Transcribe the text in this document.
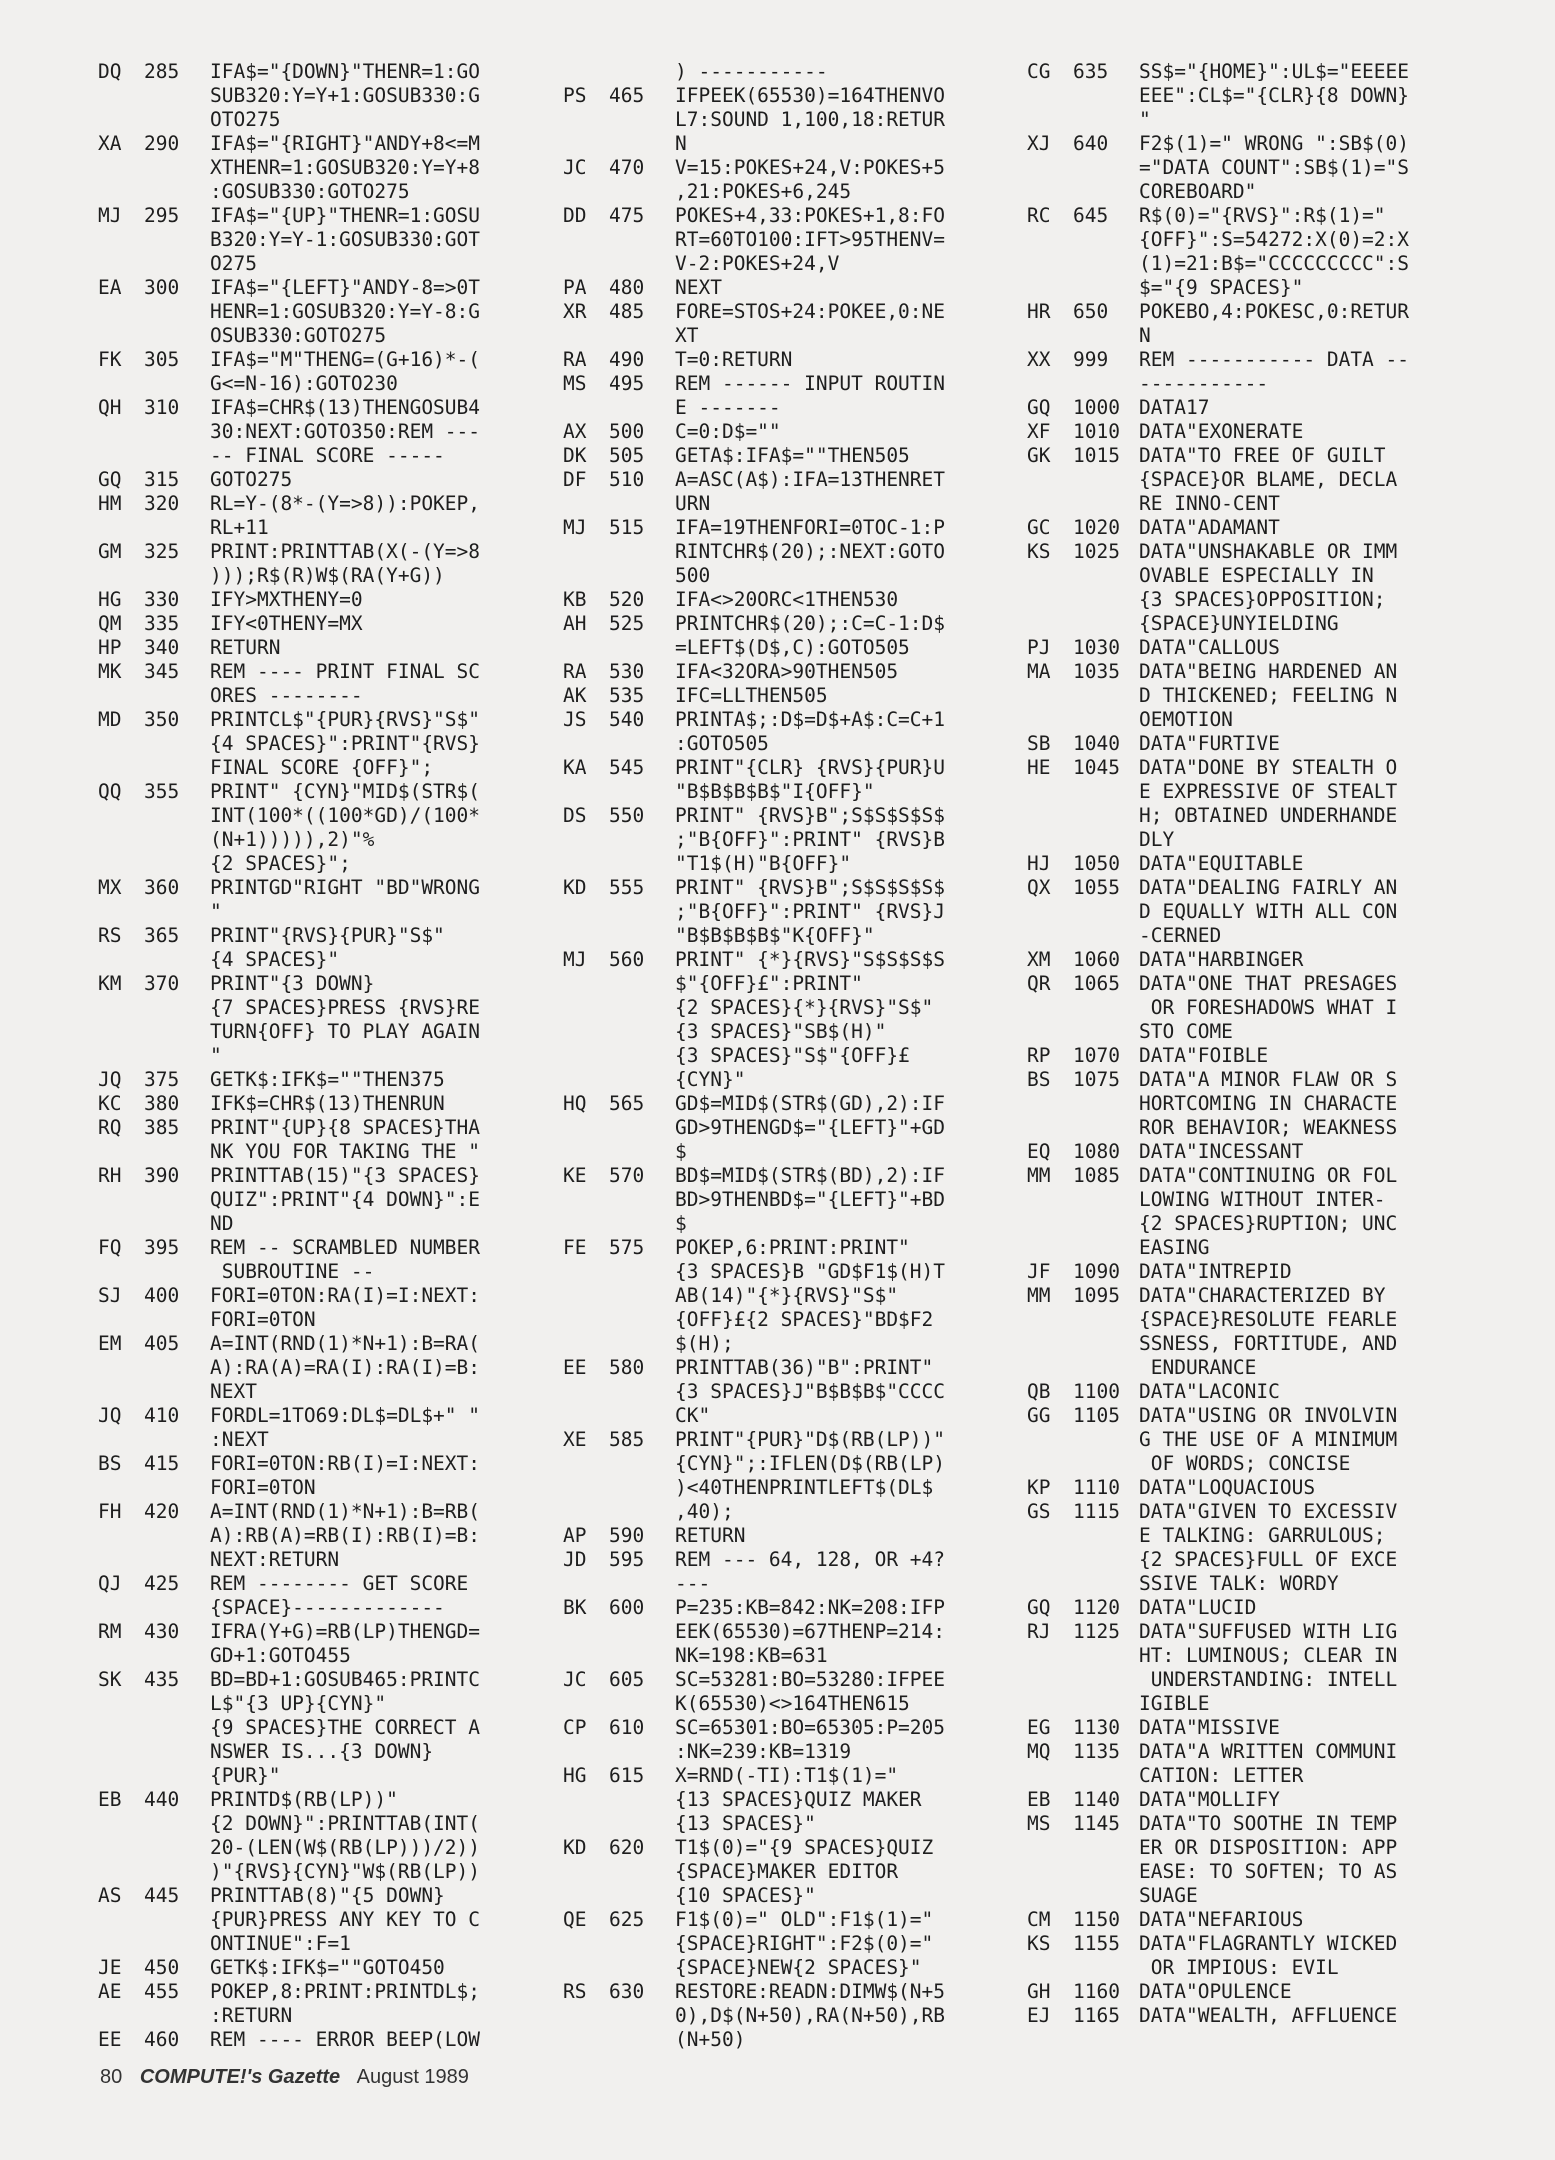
DQ	285	IFA$="{DOWN}"THENR=1:GO
SUB320:Y=Y+1:GOSUB330:G
OTO275
XA	290	IFA$="{RIGHT}"ANDY+8<=M
XTHENR=1:GOSUB320:Y=Y+8
:GOSUB330:GOTO275
MJ	295	IFA$="{UP}"THENR=1:GOSU
B320:Y=Y-1:GOSUB330:GOT
O275
EA	300	IFA$="{LEFT}"ANDY-8=>0T
HENR=1:GOSUB320:Y=Y-8:G
OSUB330:GOTO275
FK	305	IFA$="M"THENG=(G+16)*-(
G<=N-16):GOTO230
QH	310	IFA$=CHR$(13)THENGOSUB4
30:NEXT:GOTO350:REM ---
-- FINAL SCORE -----
GQ	315	GOTO275
HM	320	RL=Y-(8*-(Y=>8)):POKEP,
RL+11
GM	325	PRINT:PRINTTAB(X(-(Y=>8
)));R$(R)W$(RA(Y+G))
HG	330	IFY>MXTHENY=0
QM	335	IFY<0THENY=MX
HP	340	RETURN
MK	345	REM ---- PRINT FINAL SC
ORES --------
MD	350	PRINTCL$"{PUR}{RVS}"S$"
{4 SPACES}":PRINT"{RVS}
FINAL SCORE {OFF}";
QQ	355	PRINT" {CYN}"MID$(STR$(
INT(100*((100*GD)/(100*
(N+1))))),2)"%
{2 SPACES}";
MX	360	PRINTGD"RIGHT "BD"WRONG
"
RS	365	PRINT"{RVS}{PUR}"S$"
{4 SPACES}"
KM	370	PRINT"{3 DOWN}
{7 SPACES}PRESS {RVS}RE
TURN{OFF} TO PLAY AGAIN
"
JQ	375	GETK$:IFK$=""THEN375
KC	380	IFK$=CHR$(13)THENRUN
RQ	385	PRINT"{UP}{8 SPACES}THA
NK YOU FOR TAKING THE "
RH	390	PRINTTAB(15)"{3 SPACES}
QUIZ":PRINT"{4 DOWN}":E
ND
FQ	395	REM -- SCRAMBLED NUMBER
SUBROUTINE --
SJ	400	FORI=0TON:RA(I)=I:NEXT:
FORI=0TON
EM	405	A=INT(RND(1)*N+1):B=RA(
A):RA(A)=RA(I):RA(I)=B:
NEXT
JQ	410	FORDL=1TO69:DL$=DL$+" "
:NEXT
BS	415	FORI=0TON:RB(I)=I:NEXT:
FORI=0TON
FH	420	A=INT(RND(1)*N+1):B=RB(
A):RB(A)=RB(I):RB(I)=B:
NEXT:RETURN
QJ	425	REM -------- GET SCORE
{SPACE}-------------
RM	430	IFRA(Y+G)=RB(LP)THENGD=
GD+1:GOTO455
SK	435	BD=BD+1:GOSUB465:PRINTC
L$"{3 UP}{CYN}"
{9 SPACES}THE CORRECT A
NSWER IS...{3 DOWN}
{PUR}"
EB	440	PRINTD$(RB(LP))"
{2 DOWN}":PRINTTAB(INT(
20-(LEN(W$(RB(LP)))/2))
)"{RVS}{CYN}"W$(RB(LP))
AS	445	PRINTTAB(8)"{5 DOWN}
{PUR}PRESS ANY KEY TO C
ONTINUE":F=1
JE	450	GETK$:IFK$=""GOTO450
AE	455	POKEP,8:PRINT:PRINTDL$;
:RETURN
EE	460	REM ---- ERROR BEEP(LOW
) -----------
PS	465	IFPEEK(65530)=164THENVO
L7:SOUND 1,100,18:RETUR
N
JC	470	V=15:POKES+24,V:POKES+5
,21:POKES+6,245
DD	475	POKES+4,33:POKES+1,8:FO
RT=60TO100:IFT>95THENV=
V-2:POKES+24,V
PA	480	NEXT
XR	485	FORE=STOS+24:POKEE,0:NE
XT
RA	490	T=0:RETURN
MS	495	REM ------ INPUT ROUTIN
E -------
AX	500	C=0:D$=""
DK	505	GETA$:IFA$=""THEN505
DF	510	A=ASC(A$):IFA=13THENRET
URN
MJ	515	IFA=19THENFORI=0TOC-1:P
RINTCHR$(20);:NEXT:GOTO
500
KB	520	IFA<>20ORC<1THEN530
AH	525	PRINTCHR$(20);:C=C-1:D$
=LEFT$(D$,C):GOTO505
RA	530	IFA<32ORA>90THEN505
AK	535	IFC=LLTHEN505
JS	540	PRINTA$;:D$=D$+A$:C=C+1
:GOTO505
KA	545	PRINT"{CLR} {RVS}{PUR}U
"B$B$B$B$"I{OFF}"
DS	550	PRINT" {RVS}B";S$S$S$S$
;"B{OFF}":PRINT" {RVS}B
"T1$(H)"B{OFF}"
KD	555	PRINT" {RVS}B";S$S$S$S$
;"B{OFF}":PRINT" {RVS}J
"B$B$B$B$"K{OFF}"
MJ	560	PRINT" {*}{RVS}"S$S$S$S
$"{OFF}£":PRINT"
{2 SPACES}{*}{RVS}"S$"
{3 SPACES}"SB$(H)"
{3 SPACES}"S$"{OFF}£
{CYN}"
HQ	565	GD$=MID$(STR$(GD),2):IF
GD>9THENGD$="{LEFT}"+GD
$
KE	570	BD$=MID$(STR$(BD),2):IF
BD>9THENBD$="{LEFT}"+BD
$
FE	575	POKEP,6:PRINT:PRINT"
{3 SPACES}B "GD$F1$(H)T
AB(14)"{*}{RVS}"S$"
{OFF}£{2 SPACES}"BD$F2
$(H);
EE	580	PRINTTAB(36)"B":PRINT"
{3 SPACES}J"B$B$B$"CCCC
CK"
XE	585	PRINT"{PUR}"D$(RB(LP))"
{CYN}";:IFLEN(D$(RB(LP)
)<40THENPRINTLEFT$(DL$
,40);
AP	590	RETURN
JD	595	REM --- 64, 128, OR +4?
---
BK	600	P=235:KB=842:NK=208:IFP
EEK(65530)=67THENP=214:
NK=198:KB=631
JC	605	SC=53281:BO=53280:IFPEE
K(65530)<>164THEN615
CP	610	SC=65301:BO=65305:P=205
:NK=239:KB=1319
HG	615	X=RND(-TI):T1$(1)="
{13 SPACES}QUIZ MAKER
{13 SPACES}"
KD	620	T1$(0)="{9 SPACES}QUIZ
{SPACE}MAKER EDITOR
{10 SPACES}"
QE	625	F1$(0)=" OLD":F1$(1)="
{SPACE}RIGHT":F2$(0)="
{SPACE}NEW{2 SPACES}"
RS	630	RESTORE:READN:DIMW$(N+5
0),D$(N+50),RA(N+50),RB
(N+50)
CG	635	SS$="{HOME}":UL$="EEEEE
EEE":CL$="{CLR}{8 DOWN}
"
XJ	640	F2$(1)=" WRONG ":SB$(0)
="DATA COUNT":SB$(1)="S
COREBOARD"
RC	645	R$(0)="{RVS}":R$(1)="
{OFF}":S=54272:X(0)=2:X
(1)=21:B$="CCCCCCCCC":S
$="{9 SPACES}"
HR	650	POKEBO,4:POKESC,0:RETUR
N
XX	999	REM ----------- DATA --
-----------
GQ	1000 DATA17
XF	1010 DATA"EXONERATE
GK	1015 DATA"TO FREE OF GUILT
{SPACE}OR BLAME, DECLA
RE INNO-CENT
GC	1020 DATA"ADAMANT
KS	1025 DATA"UNSHAKABLE OR IMM
OVABLE ESPECIALLY IN
{3 SPACES}OPPOSITION;
{SPACE}UNYIELDING
PJ	1030 DATA"CALLOUS
MA	1035 DATA"BEING HARDENED AN
D THICKENED; FEELING N
OEMOTION
SB	1040 DATA"FURTIVE
HE	1045 DATA"DONE BY STEALTH O
E EXPRESSIVE OF STEALT
H; OBTAINED UNDERHANDE
DLY
HJ	1050 DATA"EQUITABLE
QX	1055 DATA"DEALING FAIRLY AN
D EQUALLY WITH ALL CON
-CERNED
XM	1060 DATA"HARBINGER
QR	1065 DATA"ONE THAT PRESAGES
OR FORESHADOWS WHAT I
STO COME
RP	1070 DATA"FOIBLE
BS	1075 DATA"A MINOR FLAW OR S
HORTCOMING IN CHARACTE
ROR BEHAVIOR; WEAKNESS
EQ	1080 DATA"INCESSANT
MM	1085 DATA"CONTINUING OR FOL
LOWING WITHOUT INTER-
{2 SPACES}RUPTION; UNC
EASING
JF	1090 DATA"INTREPID
MM	1095 DATA"CHARACTERIZED BY
{SPACE}RESOLUTE FEARLE
SSNESS, FORTITUDE, AND
ENDURANCE
QB	1100 DATA"LACONIC
GG	1105 DATA"USING OR INVOLVIN
G THE USE OF A MINIMUM
OF WORDS; CONCISE
KP	1110 DATA"LOQUACIOUS
GS	1115 DATA"GIVEN TO EXCESSIV
E TALKING: GARRULOUS;
{2 SPACES}FULL OF EXCE
SSIVE TALK: WORDY
GQ	1120 DATA"LUCID
RJ	1125 DATA"SUFFUSED WITH LIG
HT: LUMINOUS; CLEAR IN
UNDERSTANDING: INTELL
IGIBLE
EG	1130 DATA"MISSIVE
MQ	1135 DATA"A WRITTEN COMMUNI
CATION: LETTER
EB	1140 DATA"MOLLIFY
MS	1145 DATA"TO SOOTHE IN TEMP
ER OR DISPOSITION: APP
EASE: TO SOFTEN; TO AS
SUAGE
CM	1150 DATA"NEFARIOUS
KS	1155 DATA"FLAGRANTLY WICKED
OR IMPIOUS: EVIL
GH	1160 DATA"OPULENCE
EJ	1165 DATA"WEALTH, AFFLUENCE
80 COMPUTE!'s Gazette August 1989
